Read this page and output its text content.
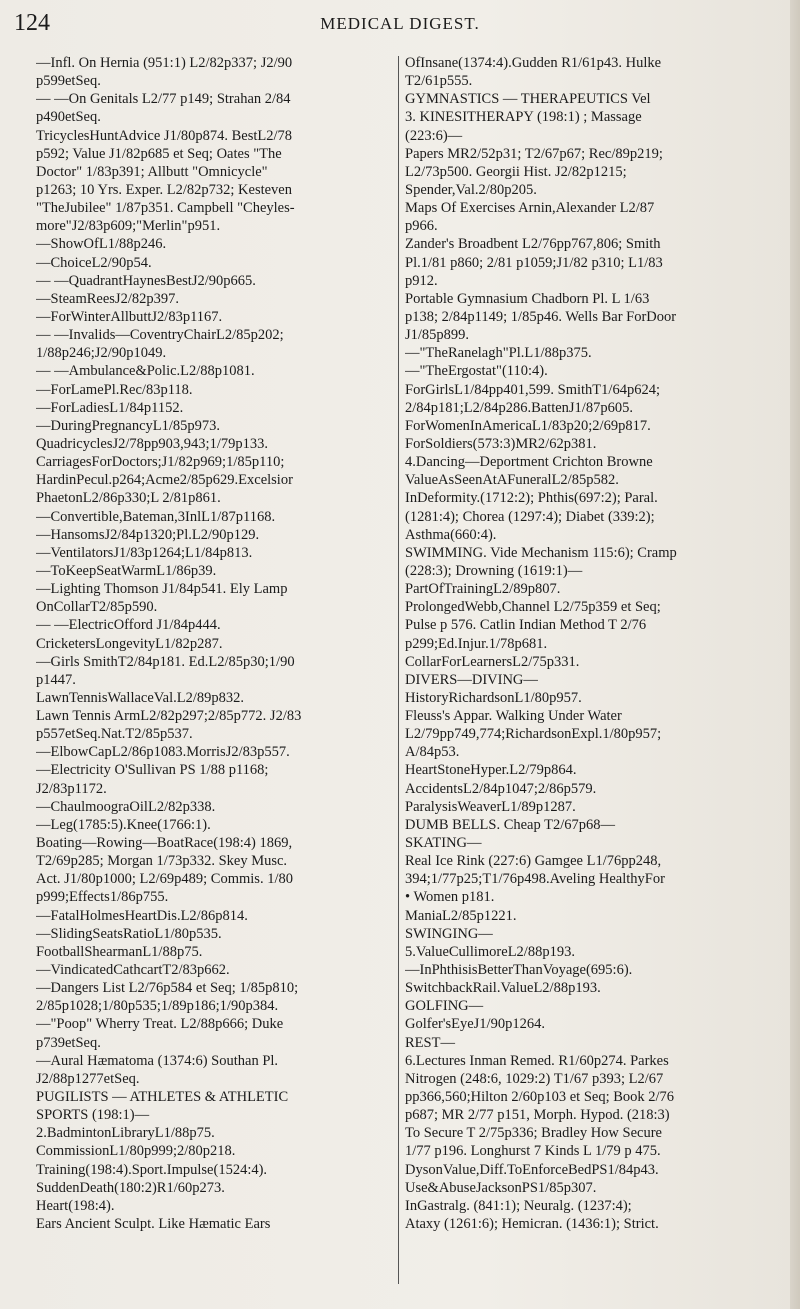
124	MEDICAL DIGEST.
—Infl. On Hernia (951:1) L2/82p337; J2/90
p599etSeq.
— —On Genitals L2/77 p149; Strahan 2/84
p490etSeq.
TricyclesHuntAdvice J1/80p874. BestL2/78
p592; Value J1/82p685 et Seq; Oates "The
Doctor" 1/83p391; Allbutt "Omnicycle"
p1263; 10 Yrs. Exper. L2/82p732; Kesteven
"TheJubilee" 1/87p351. Campbell "Cheyles-
more"J2/83p609;"Merlin"p951.
—ShowOfL1/88p246.
—ChoiceL2/90p54.
— —QuadrantHaynesBestJ2/90p665.
—SteamReesJ2/82p397.
—ForWinterAllbuttJ2/83p1167.
— —Invalids—CoventryChairL2/85p202;
1/88p246;J2/90p1049.
— —Ambulance&Polic.L2/88p1081.
—ForLamePl.Rec/83p118.
—ForLadiesL1/84p1152.
—DuringPregnancyL1/85p973.
QuadricyclesJ2/78pp903,943;1/79p133.
CarriagesForDoctors;J1/82p969;1/85p110;
HardinPecul.p264;Acme2/85p629.Excelsior
PhaetonL2/86p330;L 2/81p861.
—Convertible,Bateman,3InlL1/87p1168.
—HansomsJ2/84p1320;Pl.L2/90p129.
—VentilatorsJ1/83p1264;L1/84p813.
—ToKeepSeatWarmL1/86p39.
—Lighting Thomson J1/84p541. Ely Lamp
OnCollarT2/85p590.
— —ElectricOfford J1/84p444.
CricketersLongevityL1/82p287.
—Girls SmithT2/84p181. Ed.L2/85p30;1/90
p1447.
LawnTennisWallaceVal.L2/89p832.
Lawn Tennis ArmL2/82p297;2/85p772. J2/83
p557etSeq.Nat.T2/85p537.
—ElbowCapL2/86p1083.MorrisJ2/83p557.
—Electricity O'Sullivan PS 1/88 p1168;
J2/83p1172.
—ChaulmoograOilL2/82p338.
—Leg(1785:5).Knee(1766:1).
Boating—Rowing—BoatRace(198:4) 1869,
T2/69p285; Morgan 1/73p332. Skey Musc.
Act. J1/80p1000; L2/69p489; Commis. 1/80
p999;Effects1/86p755.
—FatalHolmesHeartDis.L2/86p814.
—SlidingSeatsRatioL1/80p535.
FootballShearmanL1/88p75.
—VindicatedCathcartT2/83p662.
—Dangers List L2/76p584 et Seq; 1/85p810;
2/85p1028;1/80p535;1/89p186;1/90p384.
—"Poop" Wherry Treat. L2/88p666; Duke
p739etSeq.
—Aural Hæmatoma (1374:6) Southan Pl.
J2/88p1277etSeq.
PUGILISTS — ATHLETES & ATHLETIC
SPORTS (198:1)—
2.BadmintonLibraryL1/88p75.
CommissionL1/80p999;2/80p218.
Training(198:4).Sport.Impulse(1524:4).
SuddenDeath(180:2)R1/60p273.
Heart(198:4).
Ears Ancient Sculpt. Like Hæmatic Ears
OfInsane(1374:4).Gudden R1/61p43. Hulke
T2/61p555.
GYMNASTICS — THERAPEUTICS Vel
3. KINESITHERAPY (198:1) ; Massage
(223:6)—
Papers MR2/52p31; T2/67p67; Rec/89p219;
L2/73p500. Georgii Hist. J2/82p1215;
Spender,Val.2/80p205.
Maps Of Exercises Arnin,Alexander L2/87
p966.
Zander's Broadbent L2/76pp767,806; Smith
Pl.1/81 p860; 2/81 p1059;J1/82 p310; L1/83
p912.
Portable Gymnasium Chadborn Pl. L 1/63
p138; 2/84p1149; 1/85p46. Wells Bar ForDoor
J1/85p899.
—"TheRanelagh"Pl.L1/88p375.
—"TheErgostat"(110:4).
ForGirlsL1/84pp401,599. SmithT1/64p624;
2/84p181;L2/84p286.BattenJ1/87p605.
ForWomenInAmericaL1/83p20;2/69p817.
ForSoldiers(573:3)MR2/62p381.
4.Dancing—Deportment Crichton Browne
ValueAsSeenAtAFuneralL2/85p582.
InDeformity.(1712:2); Phthis(697:2); Paral.
(1281:4); Chorea (1297:4); Diabet (339:2);
Asthma(660:4).
SWIMMING. Vide Mechanism 115:6); Cramp
(228:3); Drowning (1619:1)—
PartOfTrainingL2/89p807.
ProlongedWebb,Channel L2/75p359 et Seq;
Pulse p 576. Catlin Indian Method T 2/76
p299;Ed.Injur.1/78p681.
CollarForLearnersL2/75p331.
DIVERS—DIVING—
HistoryRichardsonL1/80p957.
Fleuss's Appar. Walking Under Water
L2/79pp749,774;RichardsonExpl.1/80p957;
A/84p53.
HeartStoneHyper.L2/79p864.
AccidentsL2/84p1047;2/86p579.
ParalysisWeaverL1/89p1287.
DUMB BELLS. Cheap T2/67p68—
SKATING—
Real Ice Rink (227:6) Gamgee L1/76pp248,
394;1/77p25;T1/76p498.Aveling HealthyFor
• Women p181.
ManiaL2/85p1221.
SWINGING—
5.ValueCullimoreL2/88p193.
—InPhthisisBetterThanVoyage(695:6).
SwitchbackRail.ValueL2/88p193.
GOLFING—
Golfer'sEyeJ1/90p1264.
REST—
6.Lectures Inman Remed. R1/60p274. Parkes
Nitrogen (248:6, 1029:2) T1/67 p393; L2/67
pp366,560;Hilton 2/60p103 et Seq; Book 2/76
p687; MR 2/77 p151, Morph. Hypod. (218:3)
To Secure T 2/75p336; Bradley How Secure
1/77 p196. Longhurst 7 Kinds L 1/79 p 475.
DysonValue,Diff.ToEnforceBedPS1/84p43.
Use&AbuseJacksonPS1/85p307.
InGastralg. (841:1); Neuralg. (1237:4);
Ataxy (1261:6); Hemicran. (1436:1); Strict.
